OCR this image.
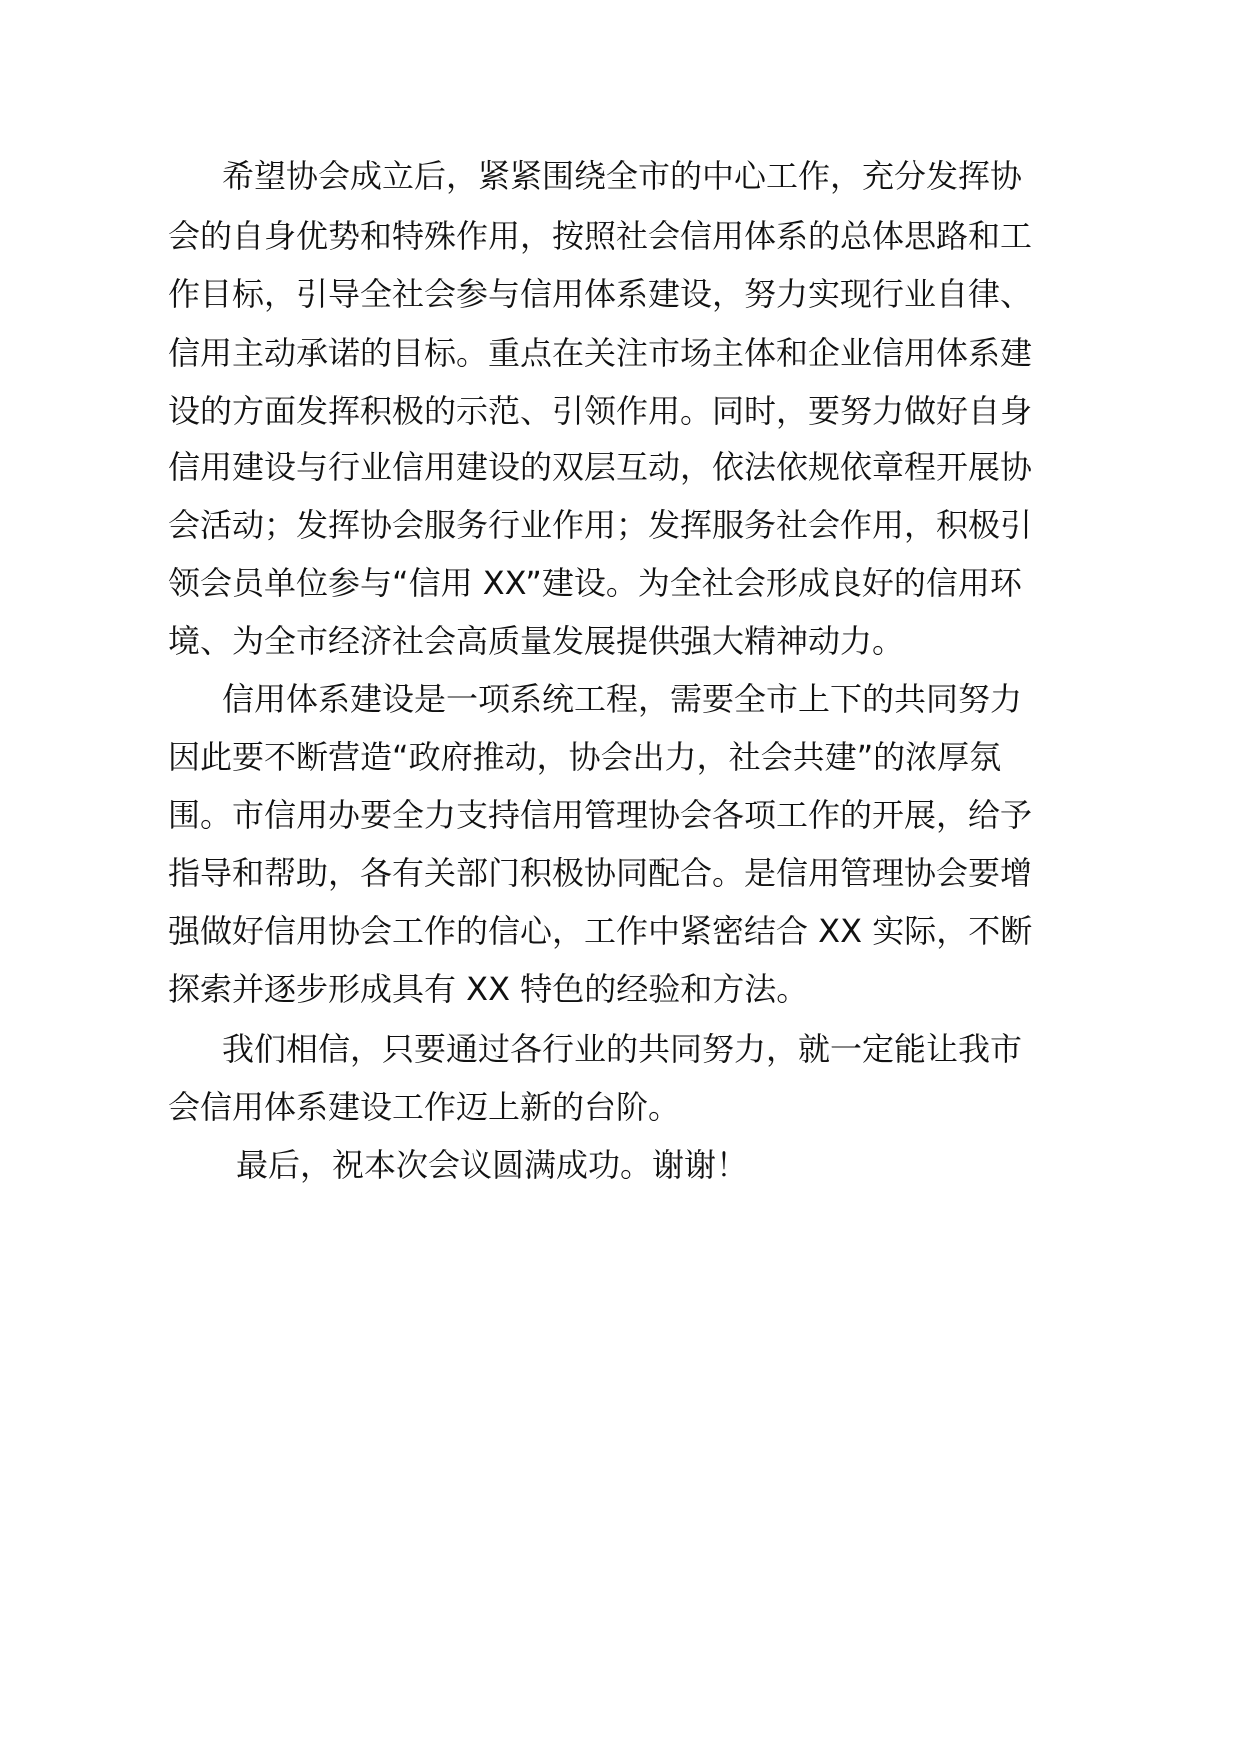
希望协会成立后，紧紧围绕全市的中心工作，充分发挥协
会的自身优势和特殊作用，按照社会信用体系的总体思路和工
作目标，引导全社会参与信用体系建设，努力实现行业自律、
信用主动承诺的目标。重点在关注市场主体和企业信用体系建
设的方面发挥积极的示范、引领作用。同时，要努力做好自身
信用建设与行业信用建设的双层互动，依法依规依章程开展协
会活动；发挥协会服务行业作用；发挥服务社会作用，积极引
领会员单位参与“信用 XX”建设。为全社会形成良好的信用环
境、为全市经济社会高质量发展提供强大精神动力。
信用体系建设是一项系统工程，需要全市上下的共同努力
因此要不断营造“政府推动，协会出力，社会共建”的浓厚氛
围。市信用办要全力支持信用管理协会各项工作的开展，给予
指导和帮助，各有关部门积极协同配合。是信用管理协会要增
强做好信用协会工作的信心，工作中紧密结合 XX 实际，不断
探索并逐步形成具有 XX 特色的经验和方法。
我们相信，只要通过各行业的共同努力，就一定能让我市
会信用体系建设工作迈上新的台阶。
最后，祝本次会议圆满成功。谢谢！
